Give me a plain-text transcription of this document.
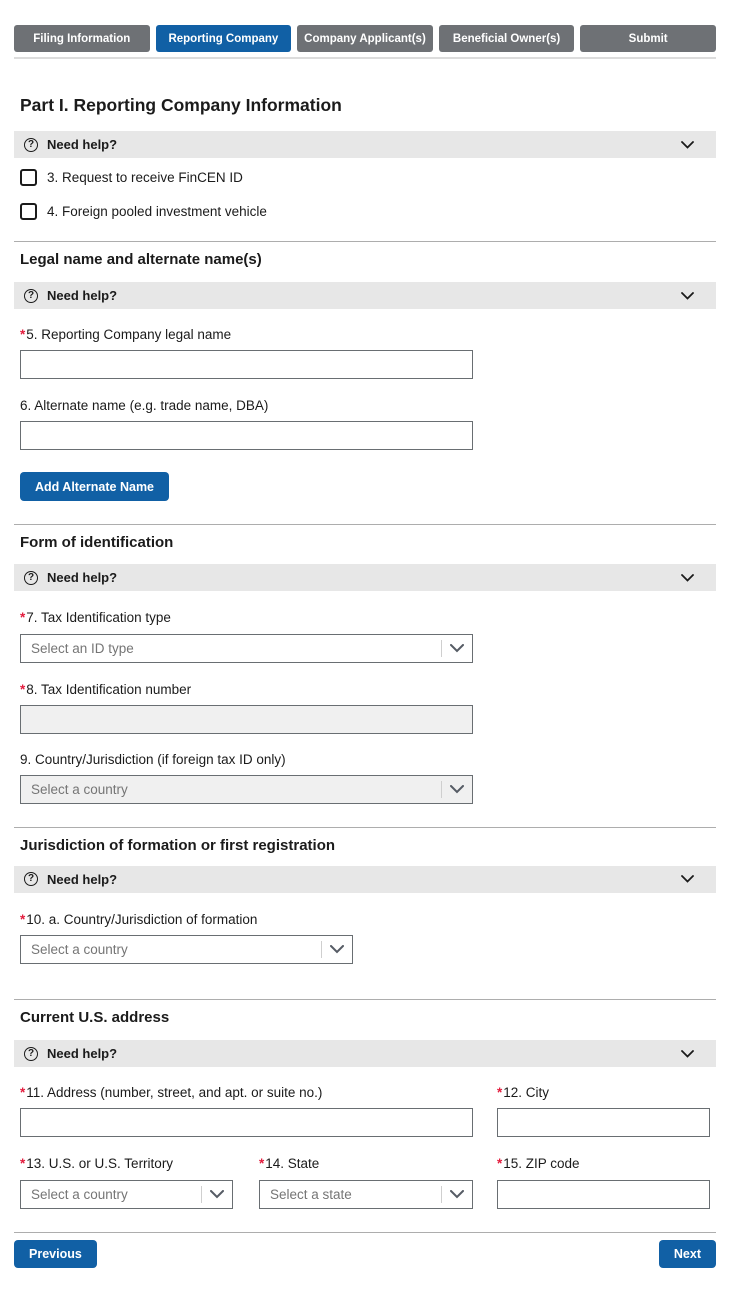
Filing Information	Reporting Company	Company Applicant(s)	Beneficial Owner(s)	Submit
Part I. Reporting Company Information
? Need help?
3. Request to receive FinCEN ID
4. Foreign pooled investment vehicle
Legal name and alternate name(s)
? Need help?
*5. Reporting Company legal name
6. Alternate name (e.g. trade name, DBA)
Add Alternate Name
Form of identification
? Need help?
*7. Tax Identification type
Select an ID type
*8. Tax Identification number
9. Country/Jurisdiction (if foreign tax ID only)
Select a country
Jurisdiction of formation or first registration
? Need help?
*10. a. Country/Jurisdiction of formation
Select a country
Current U.S. address
? Need help?
*11. Address (number, street, and apt. or suite no.)	*12. City
*13. U.S. or U.S. Territory
Select a country
*14. State
Select a state
*15. ZIP code
Previous	Next
